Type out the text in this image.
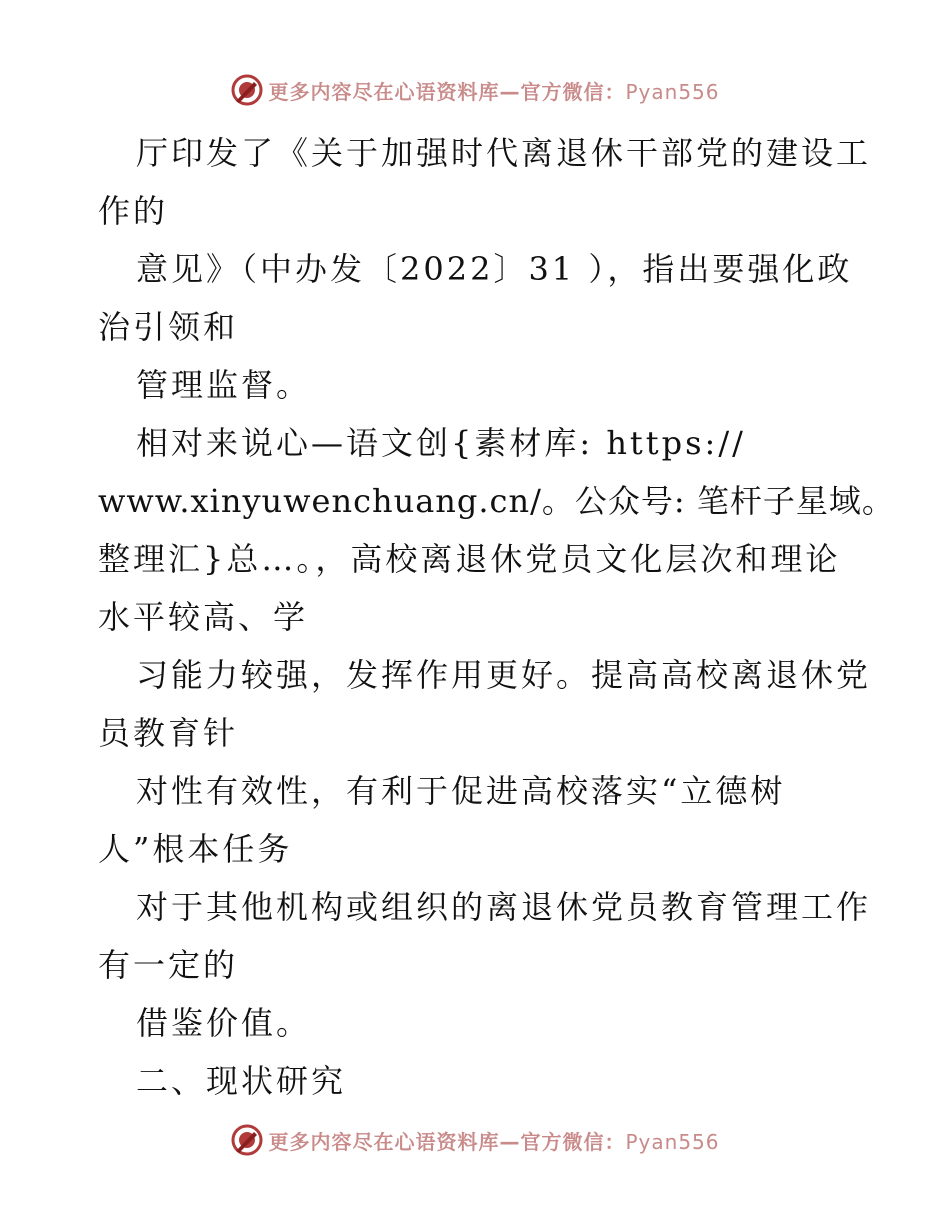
更多内容尽在心语资料库—官方微信：Pyan556
厅印发了《关于加强时代离退休干部党的建设工
作的
意见》（中办发〔2022〕31 ），指出要强化政
治引领和
管理监督。
相对来说心—语文创{素材库: https://
www.xinyuwenchuang.cn/。公众号: 笔杆子星域。
整理汇}总…。，高校离退休党员文化层次和理论
水平较高、学
习能力较强，发挥作用更好。提高高校离退休党
员教育针
对性有效性，有利于促进高校落实“立德树
人”根本任务
对于其他机构或组织的离退休党员教育管理工作
有一定的
借鉴价值。
二、现状研究
更多内容尽在心语资料库—官方微信：Pyan556
